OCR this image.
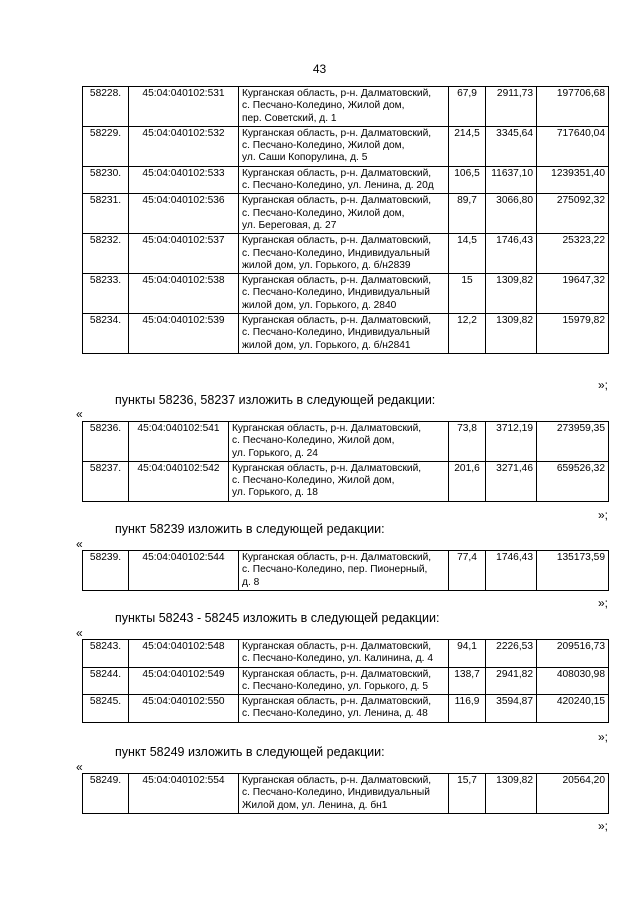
43
58228.	45:04:040102:531	Курганская область, р-н. Далматовский,
с. Песчано-Коледино, Жилой дом,
пер. Советский, д. 1	67,9	2911,73	197706,68
58229.	45:04:040102:532	Курганская область, р-н. Далматовский,
с. Песчано-Коледино, Жилой дом,
ул. Саши Копорулина, д. 5	214,5	3345,64	717640,04
58230.	45:04:040102:533	Курганская область, р-н. Далматовский,
с. Песчано-Коледино, ул. Ленина, д. 20д	106,5	11637,10	1239351,40
58231.	45:04:040102:536	Курганская область, р-н. Далматовский,
с. Песчано-Коледино, Жилой дом,
ул. Береговая, д. 27	89,7	3066,80	275092,32
58232.	45:04:040102:537	Курганская область, р-н. Далматовский,
с. Песчано-Коледино, Индивидуальный
жилой дом, ул. Горького, д. б/н2839	14,5	1746,43	25323,22
58233.	45:04:040102:538	Курганская область, р-н. Далматовский,
с. Песчано-Коледино, Индивидуальный
жилой дом, ул. Горького, д. 2840	15	1309,82	19647,32
58234.	45:04:040102:539	Курганская область, р-н. Далматовский,
с. Песчано-Коледино, Индивидуальный
жилой дом, ул. Горького, д. б/н2841	12,2	1309,82	15979,82
»;
пункты 58236, 58237 изложить в следующей редакции:
«
58236.	45:04:040102:541	Курганская область, р-н. Далматовский,
с. Песчано-Коледино, Жилой дом,
ул. Горького, д. 24	73,8	3712,19	273959,35
58237.	45:04:040102:542	Курганская область, р-н. Далматовский,
с. Песчано-Коледино, Жилой дом,
ул. Горького, д. 18	201,6	3271,46	659526,32
»;
пункт 58239 изложить в следующей редакции:
«
58239.	45:04:040102:544	Курганская область, р-н. Далматовский,
с. Песчано-Коледино, пер. Пионерный,
д. 8
	77,4	1746,43	135173,59
»;
пункты 58243 - 58245 изложить в следующей редакции:
«
58243.	45:04:040102:548	Курганская область, р-н. Далматовский,
с. Песчано-Коледино, ул. Калинина, д. 4	94,1	2226,53	209516,73
58244.	45:04:040102:549	Курганская область, р-н. Далматовский,
с. Песчано-Коледино, ул. Горького, д. 5	138,7	2941,82	408030,98
58245.	45:04:040102:550	Курганская область, р-н. Далматовский,
с. Песчано-Коледино, ул. Ленина, д. 48	116,9	3594,87	420240,15
»;
пункт 58249 изложить в следующей редакции:
«
58249.	45:04:040102:554	Курганская область, р-н. Далматовский,
с. Песчано-Коледино, Индивидуальный
Жилой дом, ул. Ленина, д. бн1
	15,7	1309,82	20564,20
»;
